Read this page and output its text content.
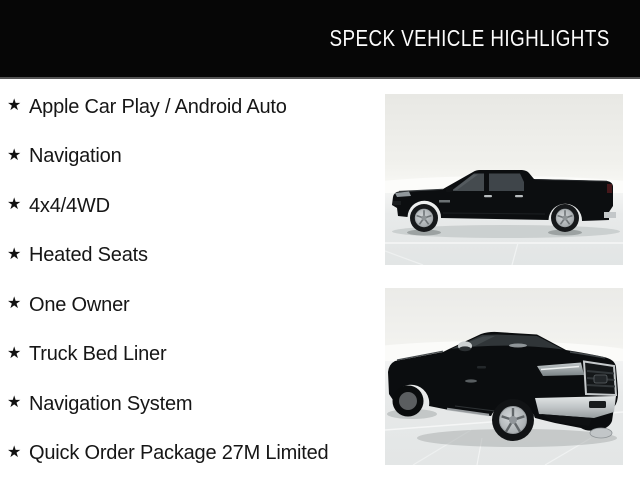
SPECK VEHICLE HIGHLIGHTS
★ Apple Car Play / Android Auto
★ Navigation
★ 4x4/4WD
★ Heated Seats
★ One Owner
★ Truck Bed Liner
★ Navigation System
★ Quick Order Package 27M Limited
